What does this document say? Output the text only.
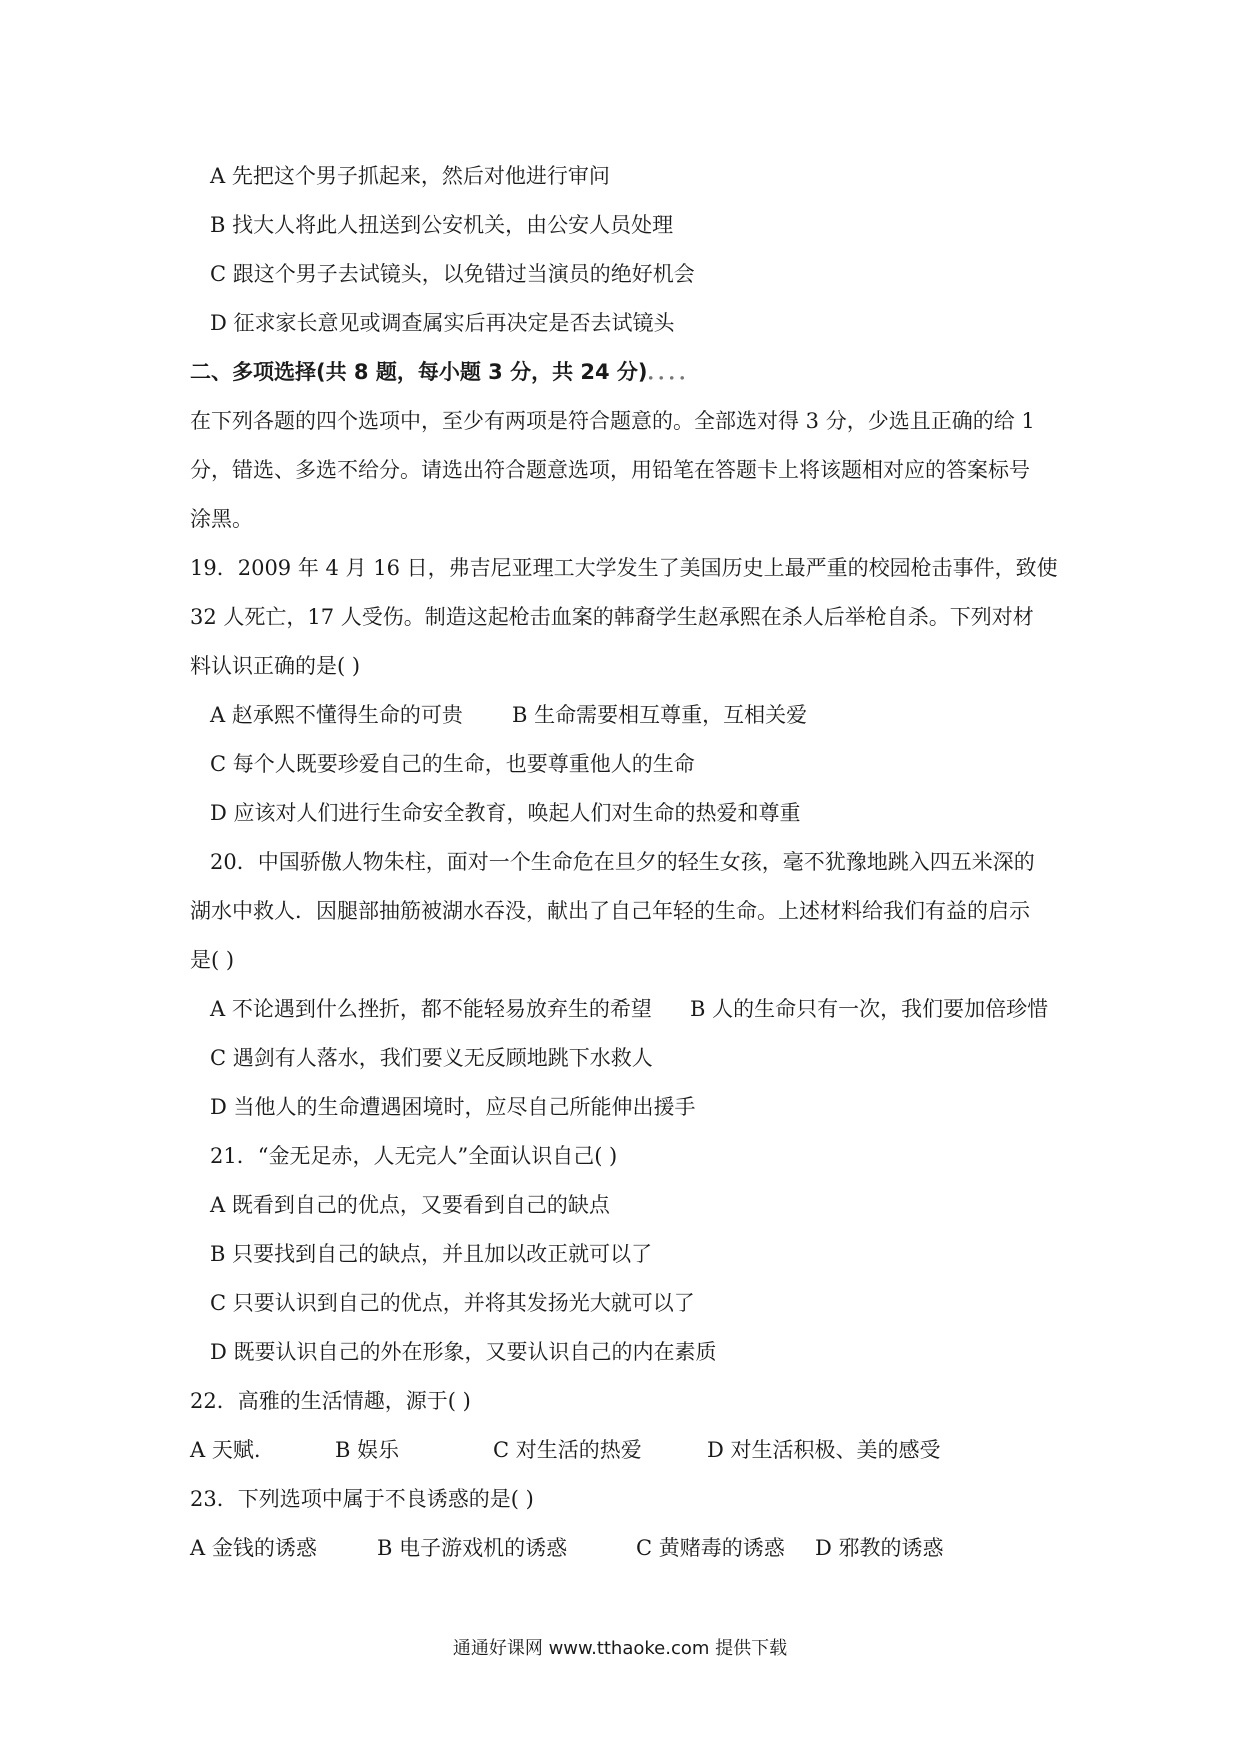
A 先把这个男子抓起来，然后对他进行审问
B 找大人将此人扭送到公安机关，由公安人员处理
C 跟这个男子去试镜头，以免错过当演员的绝好机会
D 征求家长意见或调查属实后再决定是否去试镜头
二、多项选择(共 8 题，每小题 3 分，共 24 分)．．．．
在下列各题的四个选项中，至少有两项是符合题意的。全部选对得 3 分，少选且正确的给 1
分，错选、多选不给分。请选出符合题意选项，用铅笔在答题卡上将该题相对应的答案标号
涂黑。
19．2009 年 4 月 16 日，弗吉尼亚理工大学发生了美国历史上最严重的校园枪击事件，致使
32 人死亡，17 人受伤。制造这起枪击血案的韩裔学生赵承熙在杀人后举枪自杀。下列对材
料认识正确的是( )
A 赵承熙不懂得生命的可贵 B 生命需要相互尊重，互相关爱
C 每个人既要珍爱自己的生命，也要尊重他人的生命
D 应该对人们进行生命安全教育，唤起人们对生命的热爱和尊重
20．中国骄傲人物朱柱，面对一个生命危在旦夕的轻生女孩，毫不犹豫地跳入四五米深的
湖水中救人．因腿部抽筋被湖水吞没，献出了自己年轻的生命。上述材料给我们有益的启示
是( )
A 不论遇到什么挫折，都不能轻易放弃生的希望 B 人的生命只有一次，我们要加倍珍惜
C 遇剑有人落水，我们要义无反顾地跳下水救人
D 当他人的生命遭遇困境时，应尽自己所能伸出援手
21．“金无足赤，人无完人”全面认识自己( )
A 既看到自己的优点，又要看到自己的缺点
B 只要找到自己的缺点，并且加以改正就可以了
C 只要认识到自己的优点，并将其发扬光大就可以了
D 既要认识自己的外在形象，又要认识自己的内在素质
22．高雅的生活情趣，源于( )
A 天赋.	B 娱乐	C 对生活的热爱	D 对生活积极、美的感受
23．下列选项中属于不良诱惑的是( )
A 金钱的诱惑	B 电子游戏机的诱惑	C 黄赌毒的诱惑 D 邪教的诱惑
通通好课网 www.tthaoke.com 提供下载
